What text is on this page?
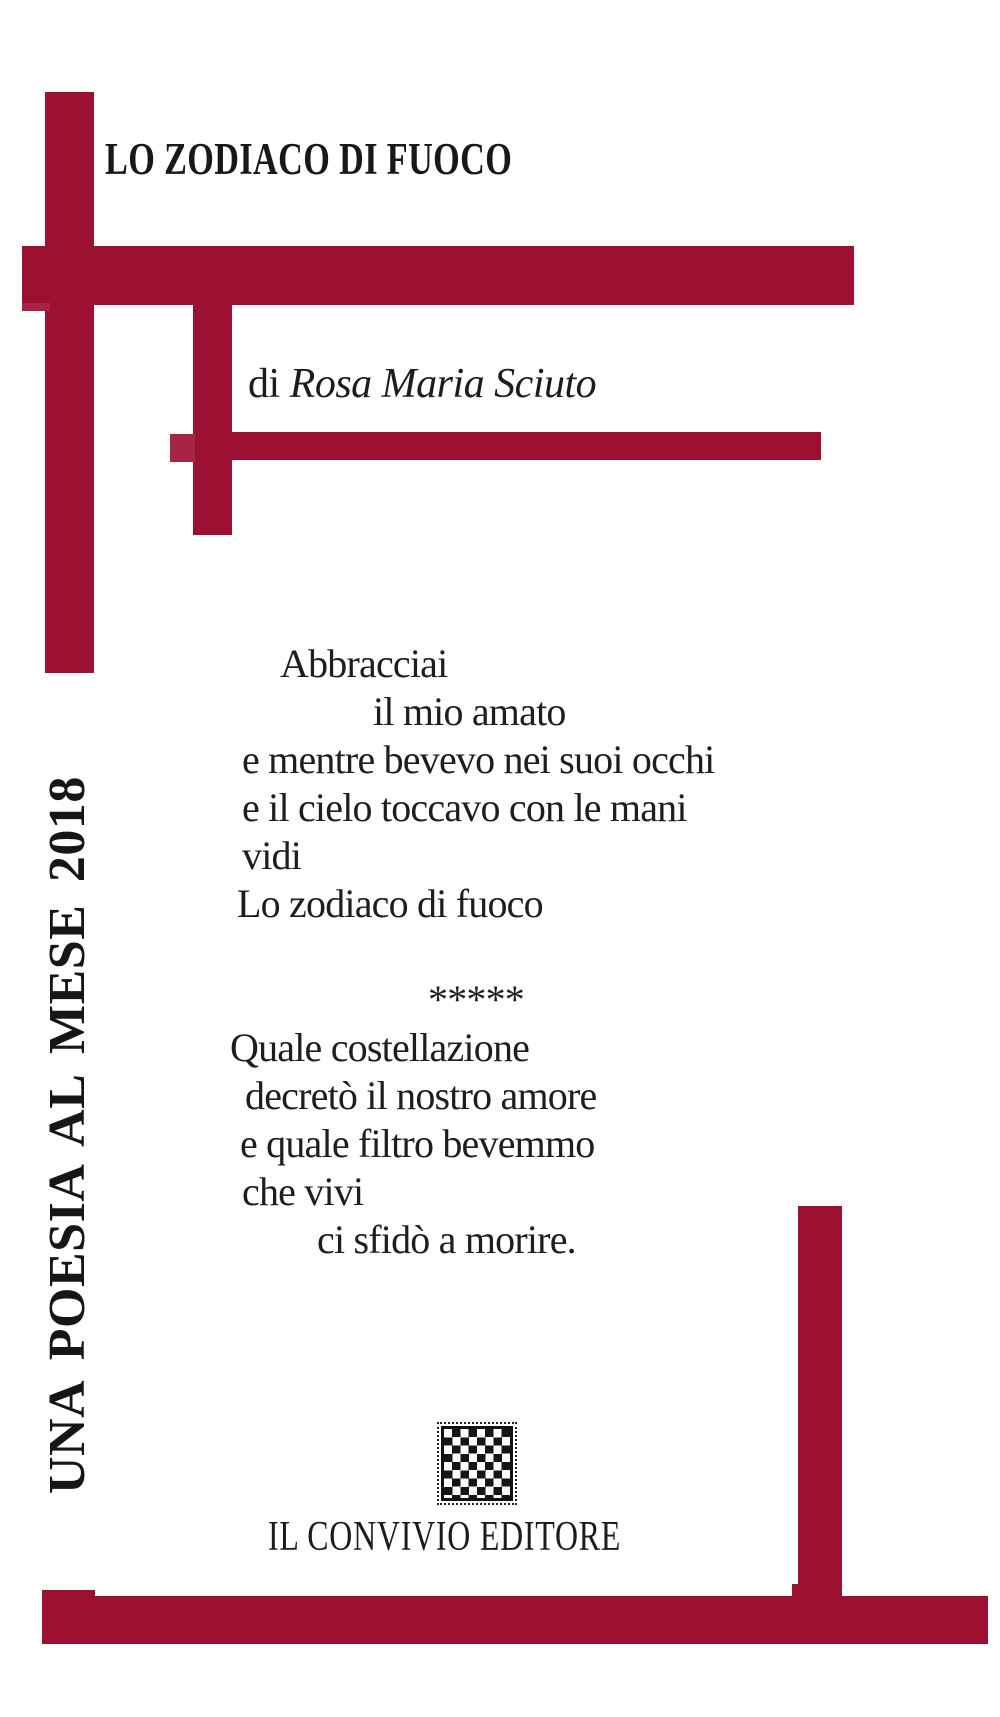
LO ZODIACO DI FUOCO
di Rosa Maria Sciuto
UNA POESIA AL MESE 2018
Abbracciai
il mio amato
e mentre bevevo nei suoi occhi
e il cielo toccavo con le mani
vidi
Lo zodiaco di fuoco
*****
Quale costellazione
decretò il nostro amore
e quale filtro bevemmo
che vivi
ci sfidò a morire.
IL CONVIVIO EDITORE
